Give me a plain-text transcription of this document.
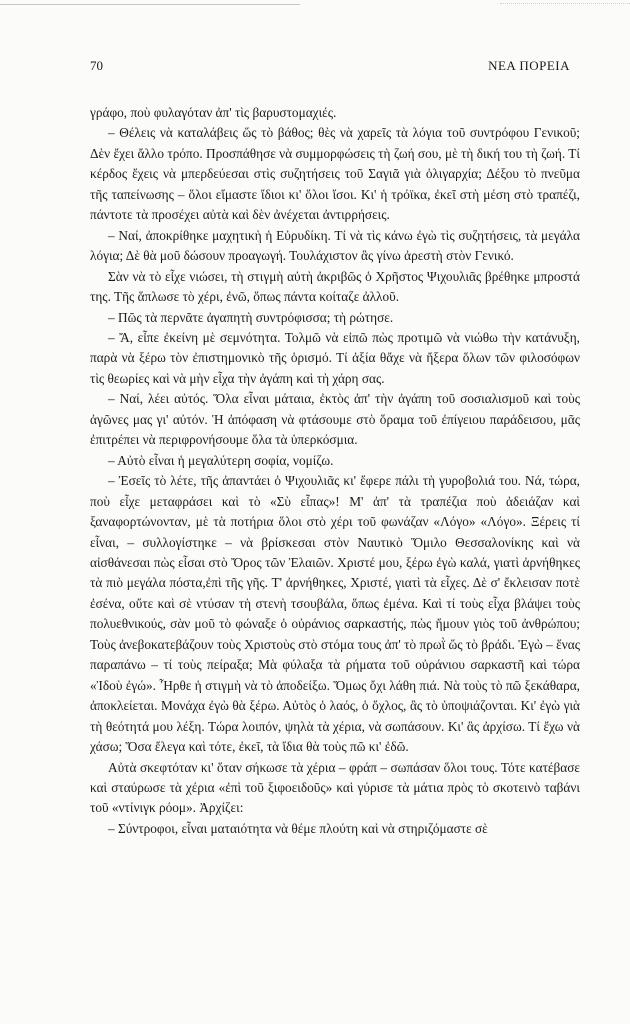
70	ΝΕΑ ΠΟΡΕΙΑ

γράφο, ποὺ φυλαγόταν ἀπ' τὶς βαρυστομαχιές.

– Θέλεις νὰ καταλάβεις ὥς τὸ βάθος; θὲς νὰ χαρεῖς τὰ λόγια τοῦ συντρόφου Γενικοῦ; Δὲν ἔχει ἄλλο τρόπο. Προσπάθησε νὰ συμμορφώσεις τὴ ζωή σου, μὲ τὴ δική του τὴ ζωή. Τί κέρδος ἔχεις νὰ μπερδεύεσαι στὶς συζητήσεις τοῦ Σαγιᾶ γιὰ ὀλιγαρχία; Δέξου τὸ πνεῦμα τῆς ταπείνωσης – ὅλοι εἴμαστε ἴδιοι κι' ὅλοι ἴσοι. Κι' ἡ τρόϊκα, ἐκεῖ στὴ μέση στὸ τραπέζι, πάντοτε τὰ προσέχει αὐτὰ καὶ δὲν ἀνέχεται ἀντιρρήσεις.

– Ναί, ἀποκρίθηκε μαχητικὴ ἡ Εὐρυδίκη. Τί νὰ τὶς κάνω ἐγὼ τὶς συζητήσεις, τὰ μεγάλα λόγια; Δὲ θὰ μοῦ δώσουν προαγωγή. Τουλάχιστον ἂς γίνω ἀρεστὴ στὸν Γενικό.

Σὰν νὰ τὸ εἶχε νιώσει, τὴ στιγμὴ αὐτὴ ἀκριβῶς ὁ Χρῆστος Ψιχουλιᾶς βρέθηκε μπροστά της. Τῆς ἅπλωσε τὸ χέρι, ἐνῶ, ὅπως πάντα κοίταζε ἀλλοῦ.

– Πῶς τὰ περνᾶτε ἀγαπητὴ συντρόφισσα; τὴ ρώτησε.

– Ἄ, εἶπε ἐκείνη μὲ σεμνότητα. Τολμῶ νὰ εἰπῶ πὼς προτιμῶ νὰ νιώθω τὴν κατάνυξη, παρὰ νὰ ξέρω τὸν ἐπιστημονικὸ τῆς ὁρισμό. Τί ἀξία θἄχε νὰ ἤξερα ὅλων τῶν φιλοσόφων τὶς θεωρίες καὶ νὰ μὴν εἶχα τὴν ἀγάπη καὶ τὴ χάρη σας.

– Ναί, λέει αὐτός. Ὅλα εἶναι μάταια, ἐκτὸς ἀπ' τὴν ἀγάπη τοῦ σοσιαλισμοῦ καὶ τοὺς ἀγῶνες μας γι' αὐτόν. Ἡ ἀπόφαση νὰ φτάσουμε στὸ ὅραμα τοῦ ἐπίγειου παράδεισου, μᾶς ἐπιτρέπει νὰ περιφρονήσουμε ὅλα τὰ ὑπερκόσμια.

– Αὐτὸ εἶναι ἡ μεγαλύτερη σοφία, νομίζω.

– Ἐσεῖς τὸ λέτε, τῆς ἀπαντάει ὁ Ψιχουλιᾶς κι' ἔφερε πάλι τὴ γυροβολιά του. Νά, τώρα, ποὺ εἶχε μεταφράσει καὶ τὸ «Σὺ εἶπας»! Μ' ἀπ' τὰ τραπέζια ποὺ ἀδειάζαν καὶ ξαναφορτώνονταν, μὲ τὰ ποτήρια ὅλοι στὸ χέρι τοῦ φωνάζαν «Λόγο» «Λόγο». Ξέρεις τί εἶναι, – συλλογίστηκε – νὰ βρίσκεσαι στὸν Ναυτικὸ Ὅμιλο Θεσσαλονίκης καὶ νὰ αἰσθάνεσαι πὼς εἶσαι στὸ Ὄρος τῶν Ἐλαιῶν. Χριστέ μου, ξέρω ἐγὼ καλά, γιατὶ ἀρνήθηκες τὰ πιὸ μεγάλα πόστα,ἐπὶ τῆς γῆς. Τ' ἀρνήθηκες, Χριστέ, γιατὶ τὰ εἶχες. Δὲ σ' ἔκλεισαν ποτὲ ἐσένα, οὔτε καὶ σὲ ντύσαν τὴ στενὴ τσουβάλα, ὅπως ἐμένα. Καὶ τί τοὺς εἶχα βλάψει τοὺς πολυεθνικούς, σὰν μοῦ τὸ φώναξε ὁ οὐράνιος σαρκαστής, πὼς ἤμουν γιὸς τοῦ ἀνθρώπου; Τοὺς ἀνεβοκατεβάζουν τοὺς Χριστοὺς στὸ στόμα τους ἀπ' τὸ πρωῒ ὥς τὸ βράδι. Ἐγὼ – ἕνας παραπάνω – τί τοὺς πείραξα; Μὰ φύλαξα τὰ ρήματα τοῦ οὐράνιου σαρκαστῆ καὶ τώρα «Ἰδοὺ ἐγώ». Ἦρθε ἡ στιγμὴ νὰ τὸ ἀποδείξω. Ὅμως ὄχι λάθη πιά. Νὰ τοὺς τὸ πῶ ξεκάθαρα, ἀποκλείεται. Μονάχα ἐγὼ θὰ ξέρω. Αὐτὸς ὁ λαός, ὁ ὄχλος, ἂς τὸ ὑποψιάζονται. Κι' ἐγὼ γιὰ τὴ θεότητά μου λέξη. Τώρα λοιπόν, ψηλὰ τὰ χέρια, νὰ σωπάσουν. Κι' ἂς ἀρχίσω. Τί ἔχω νὰ χάσω; Ὅσα ἔλεγα καὶ τότε, ἐκεῖ, τὰ ἴδια θὰ τοὺς πῶ κι' ἐδῶ.

Αὐτὰ σκεφτόταν κι' ὅταν σήκωσε τὰ χέρια – φράπ – σωπάσαν ὅλοι τους. Τότε κατέβασε καὶ σταύρωσε τὰ χέρια «ἐπὶ τοῦ ξιφοειδοῦς» καὶ γύρισε τὰ μάτια πρὸς τὸ σκοτεινὸ ταβάνι τοῦ «ντίνιγκ ρόομ». Ἀρχίζει:

– Σύντροφοι, εἶναι ματαιότητα νὰ θέμε πλούτη καὶ νὰ στηριζόμαστε σὲ
